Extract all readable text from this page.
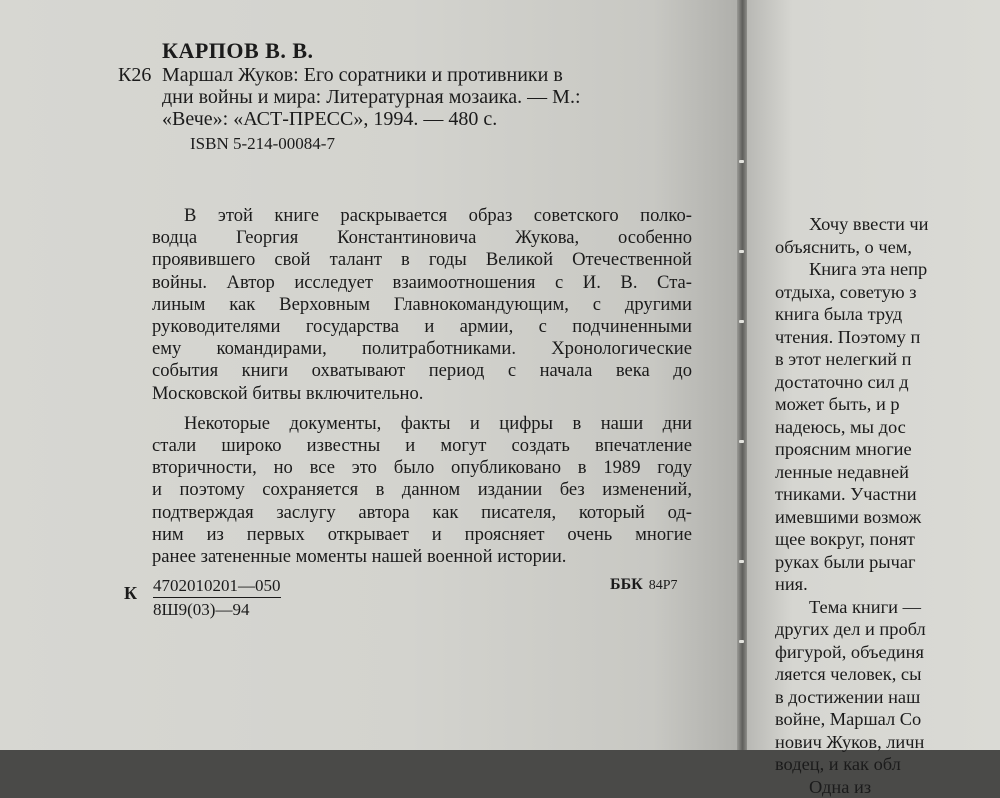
КАРПОВ В. В.
К26 Маршал Жуков: Его соратники и противники в
дни войны и мира: Литературная мозаика. — М.:
«Вече»: «АСТ-ПРЕСС», 1994. — 480 с.
ISBN 5-214-00084-7
В этой книге раскрывается образ советского полко-
водца Георгия Константиновича Жукова, особенно
проявившего свой талант в годы Великой Отечественной
войны. Автор исследует взаимоотношения с И. В. Ста-
линым как Верховным Главнокомандующим, с другими
руководителями государства и армии, с подчиненными
ему командирами, политработниками. Хронологические
события книги охватывают период с начала века до
Московской битвы включительно.
Некоторые документы, факты и цифры в наши дни
стали широко известны и могут создать впечатление
вторичности, но все это было опубликовано в 1989 году
и поэтому сохраняется в данном издании без изменений,
подтверждая заслугу автора как писателя, который од-
ним из первых открывает и проясняет очень многие
ранее затененные моменты нашей военной истории.
К 4702010201—050
8Ш9(03)—94
ББК 84Р7
Хочу ввести чи
объяснить, о чем,
Книга эта непр
отдыха, советую з
книга была труд
чтения. Поэтому п
в этот нелегкий п
достаточно сил д
может быть, и р
надеюсь, мы дос
проясним многие
ленные недавней
тниками. Участни
имевшими возмож
щее вокруг, понят
руках были рычаг
ния.
Тема книги —
других дел и пробл
фигурой, объединя
ляется человек, сы
в достижении наш
войне, Маршал Со
нович Жуков, личн
водец, и как обл
Одна из
